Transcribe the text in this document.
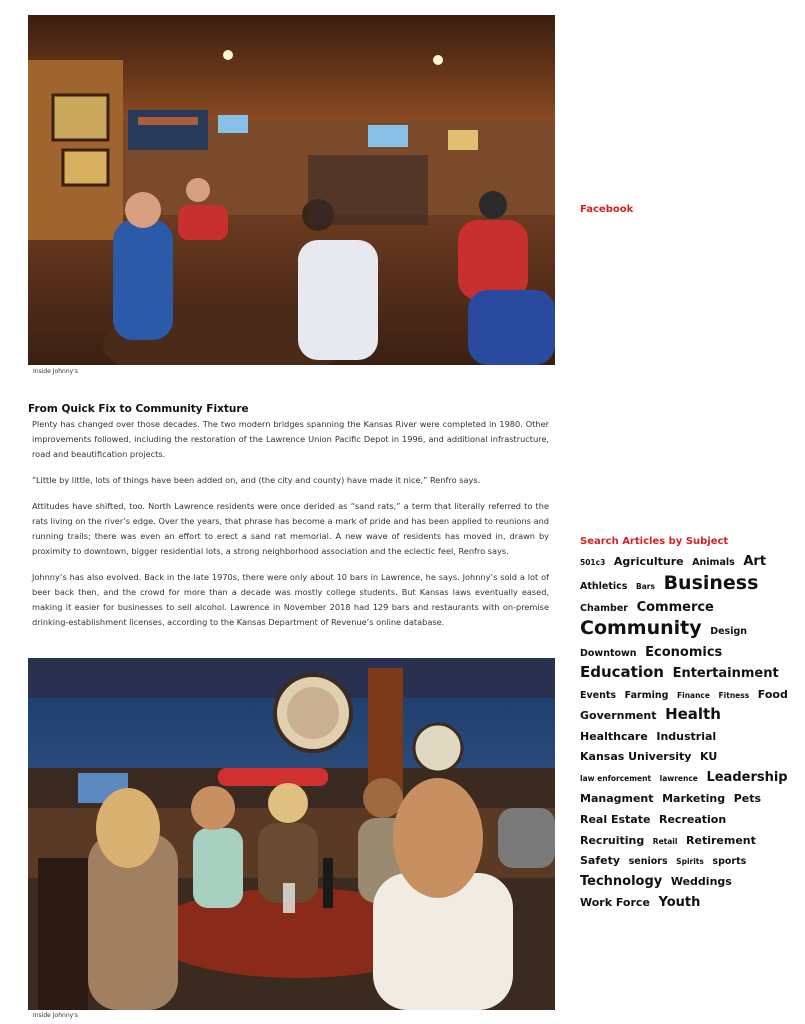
Inside Johnny's
From Quick Fix to Community Fixture

Plenty has changed over those decades. The two modern bridges spanning the Kansas River were completed in 1980. Other improvements followed, including the restoration of the Lawrence Union Pacific Depot in 1996, and additional infrastructure, road and beautification projects.

“Little by little, lots of things have been added on, and (the city and county) have made it nice,” Renfro says.

Attitudes have shifted, too. North Lawrence residents were once derided as “sand rats,” a term that literally referred to the rats living on the river’s edge. Over the years, that phrase has become a mark of pride and has been applied to reunions and running trails; there was even an effort to erect a sand rat memorial. A new wave of residents has moved in, drawn by proximity to downtown, bigger residential lots, a strong neighborhood association and the eclectic feel, Renfro says.

Johnny’s has also evolved. Back in the late 1970s, there were only about 10 bars in Lawrence, he says. Johnny’s sold a lot of beer back then, and the crowd for more than a decade was mostly college students. But Kansas laws eventually eased, making it easier for businesses to sell alcohol. Lawrence in November 2018 had 129 bars and restaurants with on-premise drinking-establishment licenses, according to the Kansas Department of Revenue’s online database.

Inside Johnny's
Facebook
Search Articles by Subject
501c3 Agriculture Animals Art Athletics Bars Business Chamber Commerce Community Design Downtown Economics Education Entertainment Events Farming Finance Fitness Food Government Health Healthcare Industrial Kansas University KU law enforcement lawrence Leadership Managment Marketing Pets Real Estate Recreation Recruiting Retail Retirement Safety seniors Spirits sports Technology Weddings Work Force Youth
